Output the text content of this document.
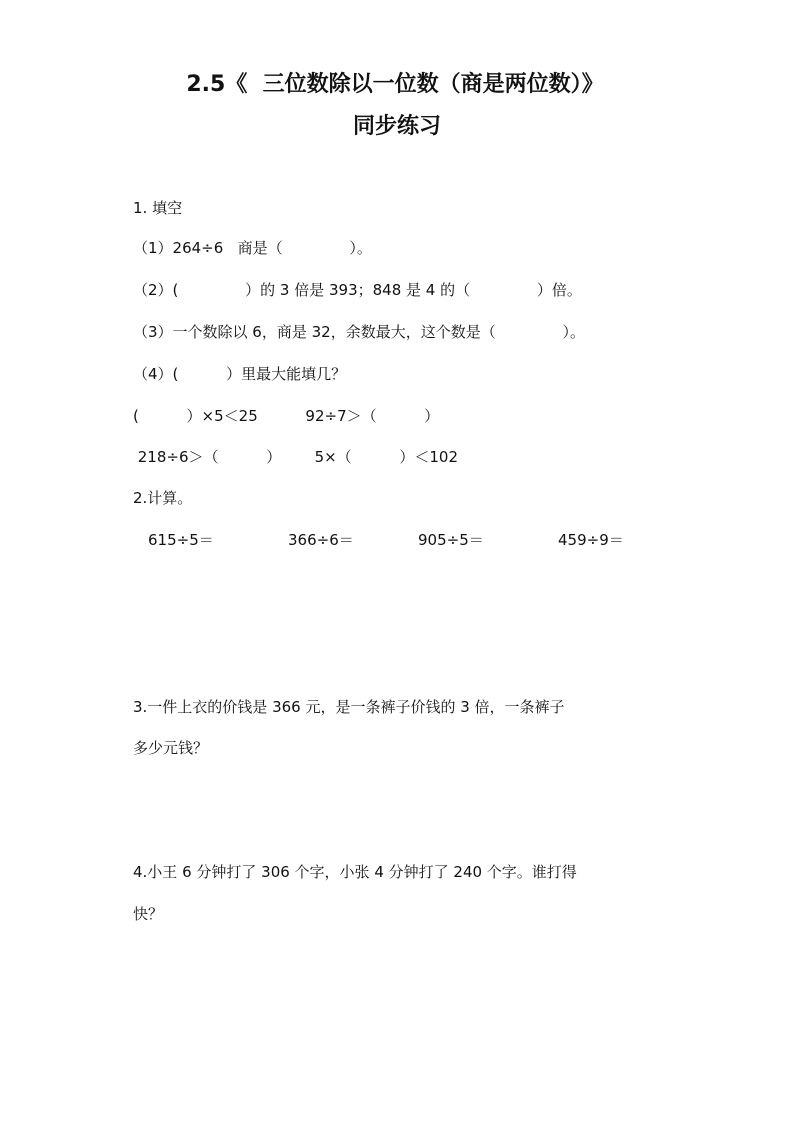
2.5《  三位数除以一位数（商是两位数）》
同步练习
1. 填空
（1）264÷6   商是（              ）。
（2）(              ）的 3 倍是 393；848 是 4 的（              ）倍。
（3）一个数除以 6，商是 32，余数最大，这个数是（              ）。
（4）(          ）里最大能填几？
(          ）×5＜25          92÷7＞（          ）
218÷6＞（          ）       5×（          ）＜102
2.计算。
615÷5＝	366÷6＝	905÷5＝	459÷9＝
3.一件上衣的价钱是 366 元，是一条裤子价钱的 3 倍，一条裤子
多少元钱？
4.小王 6 分钟打了 306 个字，小张 4 分钟打了 240 个字。谁打得
快？
